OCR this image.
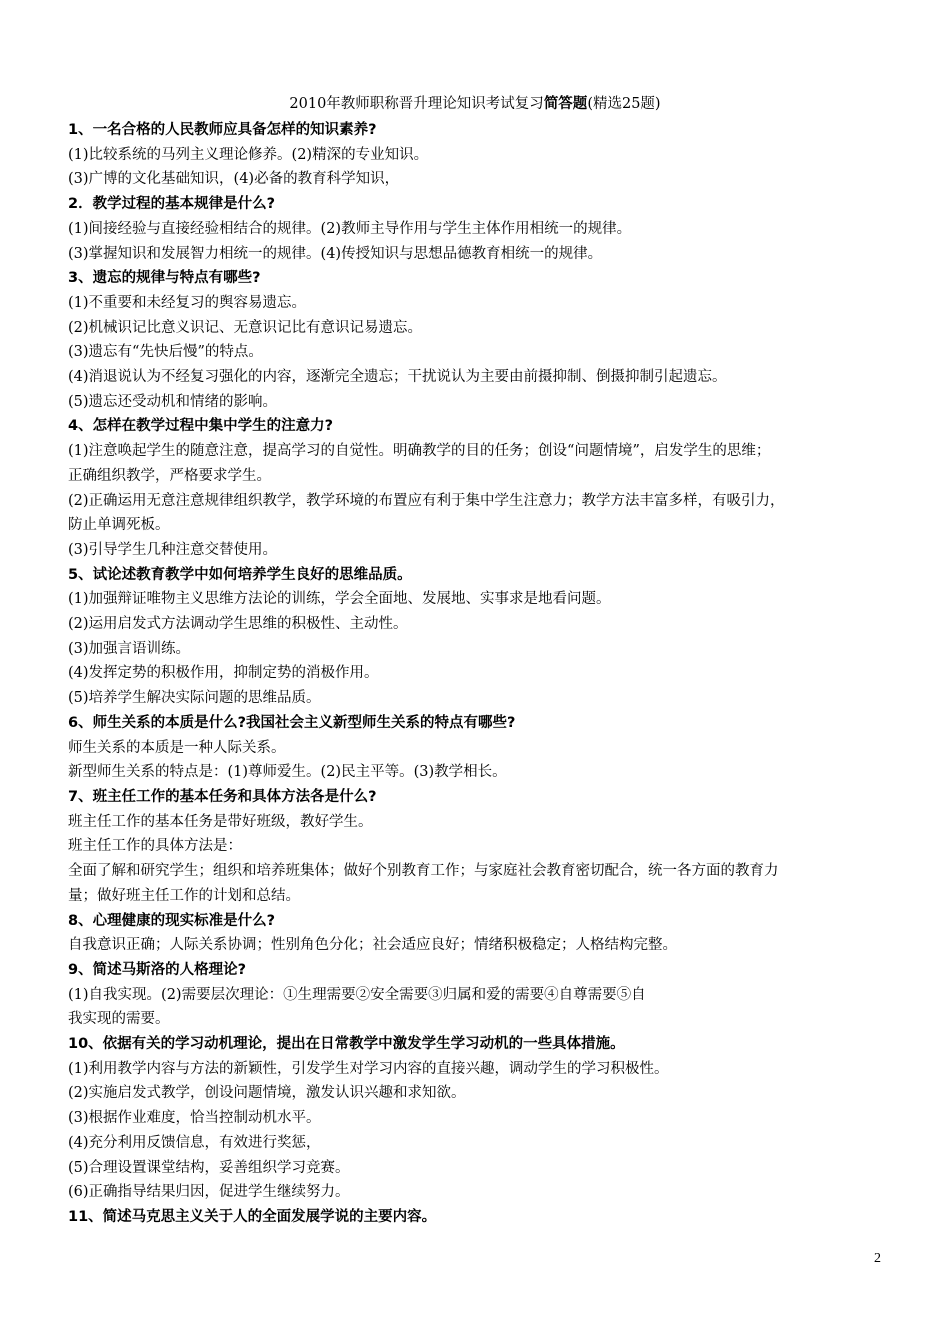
2010年教师职称晋升理论知识考试复习简答题(精选25题)
1、一名合格的人民教师应具备怎样的知识素养?
(1)比较系统的马列主义理论修养。(2)精深的专业知识。
(3)广博的文化基础知识，(4)必备的教育科学知识，
2．教学过程的基本规律是什么?
(1)间接经验与直接经验相结合的规律。(2)教师主导作用与学生主体作用相统一的规律。
(3)掌握知识和发展智力相统一的规律。(4)传授知识与思想品德教育相统一的规律。
3、遗忘的规律与特点有哪些?
(1)不重要和未经复习的舆容易遗忘。
(2)机械识记比意义识记、无意识记比有意识记易遗忘。
(3)遗忘有“先快后慢”的特点。
(4)消退说认为不经复习强化的内容，逐渐完全遗忘；干扰说认为主要由前摄抑制、倒摄抑制引起遗忘。
(5)遗忘还受动机和情绪的影响。
4、怎样在教学过程中集中学生的注意力?
(1)注意唤起学生的随意注意，提高学习的自觉性。明确教学的目的任务；创设“问题情境”，启发学生的思维；
正确组织教学，严格要求学生。
(2)正确运用无意注意规律组织教学，教学环境的布置应有利于集中学生注意力；教学方法丰富多样，有吸引力，
防止单调死板。
(3)引导学生几种注意交替使用。
5、试论述教育教学中如何培养学生良好的思维品质。
(1)加强辩证唯物主义思维方法论的训练，学会全面地、发展地、实事求是地看问题。
(2)运用启发式方法调动学生思维的积极性、主动性。
(3)加强言语训练。
(4)发挥定势的积极作用，抑制定势的消极作用。
(5)培养学生解决实际问题的思维品质。
6、师生关系的本质是什么?我国社会主义新型师生关系的特点有哪些?
师生关系的本质是一种人际关系。
新型师生关系的特点是：(1)尊师爱生。(2)民主平等。(3)教学相长。
7、班主任工作的基本任务和具体方法各是什么?
班主任工作的基本任务是带好班级，教好学生。
班主任工作的具体方法是：
全面了解和研究学生；组织和培养班集体；做好个别教育工作；与家庭社会教育密切配合，统一各方面的教育力
量；做好班主任工作的计划和总结。
8、心理健康的现实标准是什么?
自我意识正确；人际关系协调；性别角色分化；社会适应良好；情绪积极稳定；人格结构完整。
9、简述马斯洛的人格理论?
(1)自我实现。(2)需要层次理论：①生理需要②安全需要③归属和爱的需要④自尊需要⑤自
我实现的需要。
10、依据有关的学习动机理论，提出在日常教学中激发学生学习动机的一些具体措施。
(1)利用教学内容与方法的新颖性，引发学生对学习内容的直接兴趣，调动学生的学习积极性。
(2)实施启发式教学，创设问题情境，激发认识兴趣和求知欲。
(3)根据作业难度，恰当控制动机水平。
(4)充分利用反馈信息，有效进行奖惩，
(5)合理设置课堂结构，妥善组织学习竞赛。
(6)正确指导结果归因，促进学生继续努力。
11、简述马克思主义关于人的全面发展学说的主要内容。
2
